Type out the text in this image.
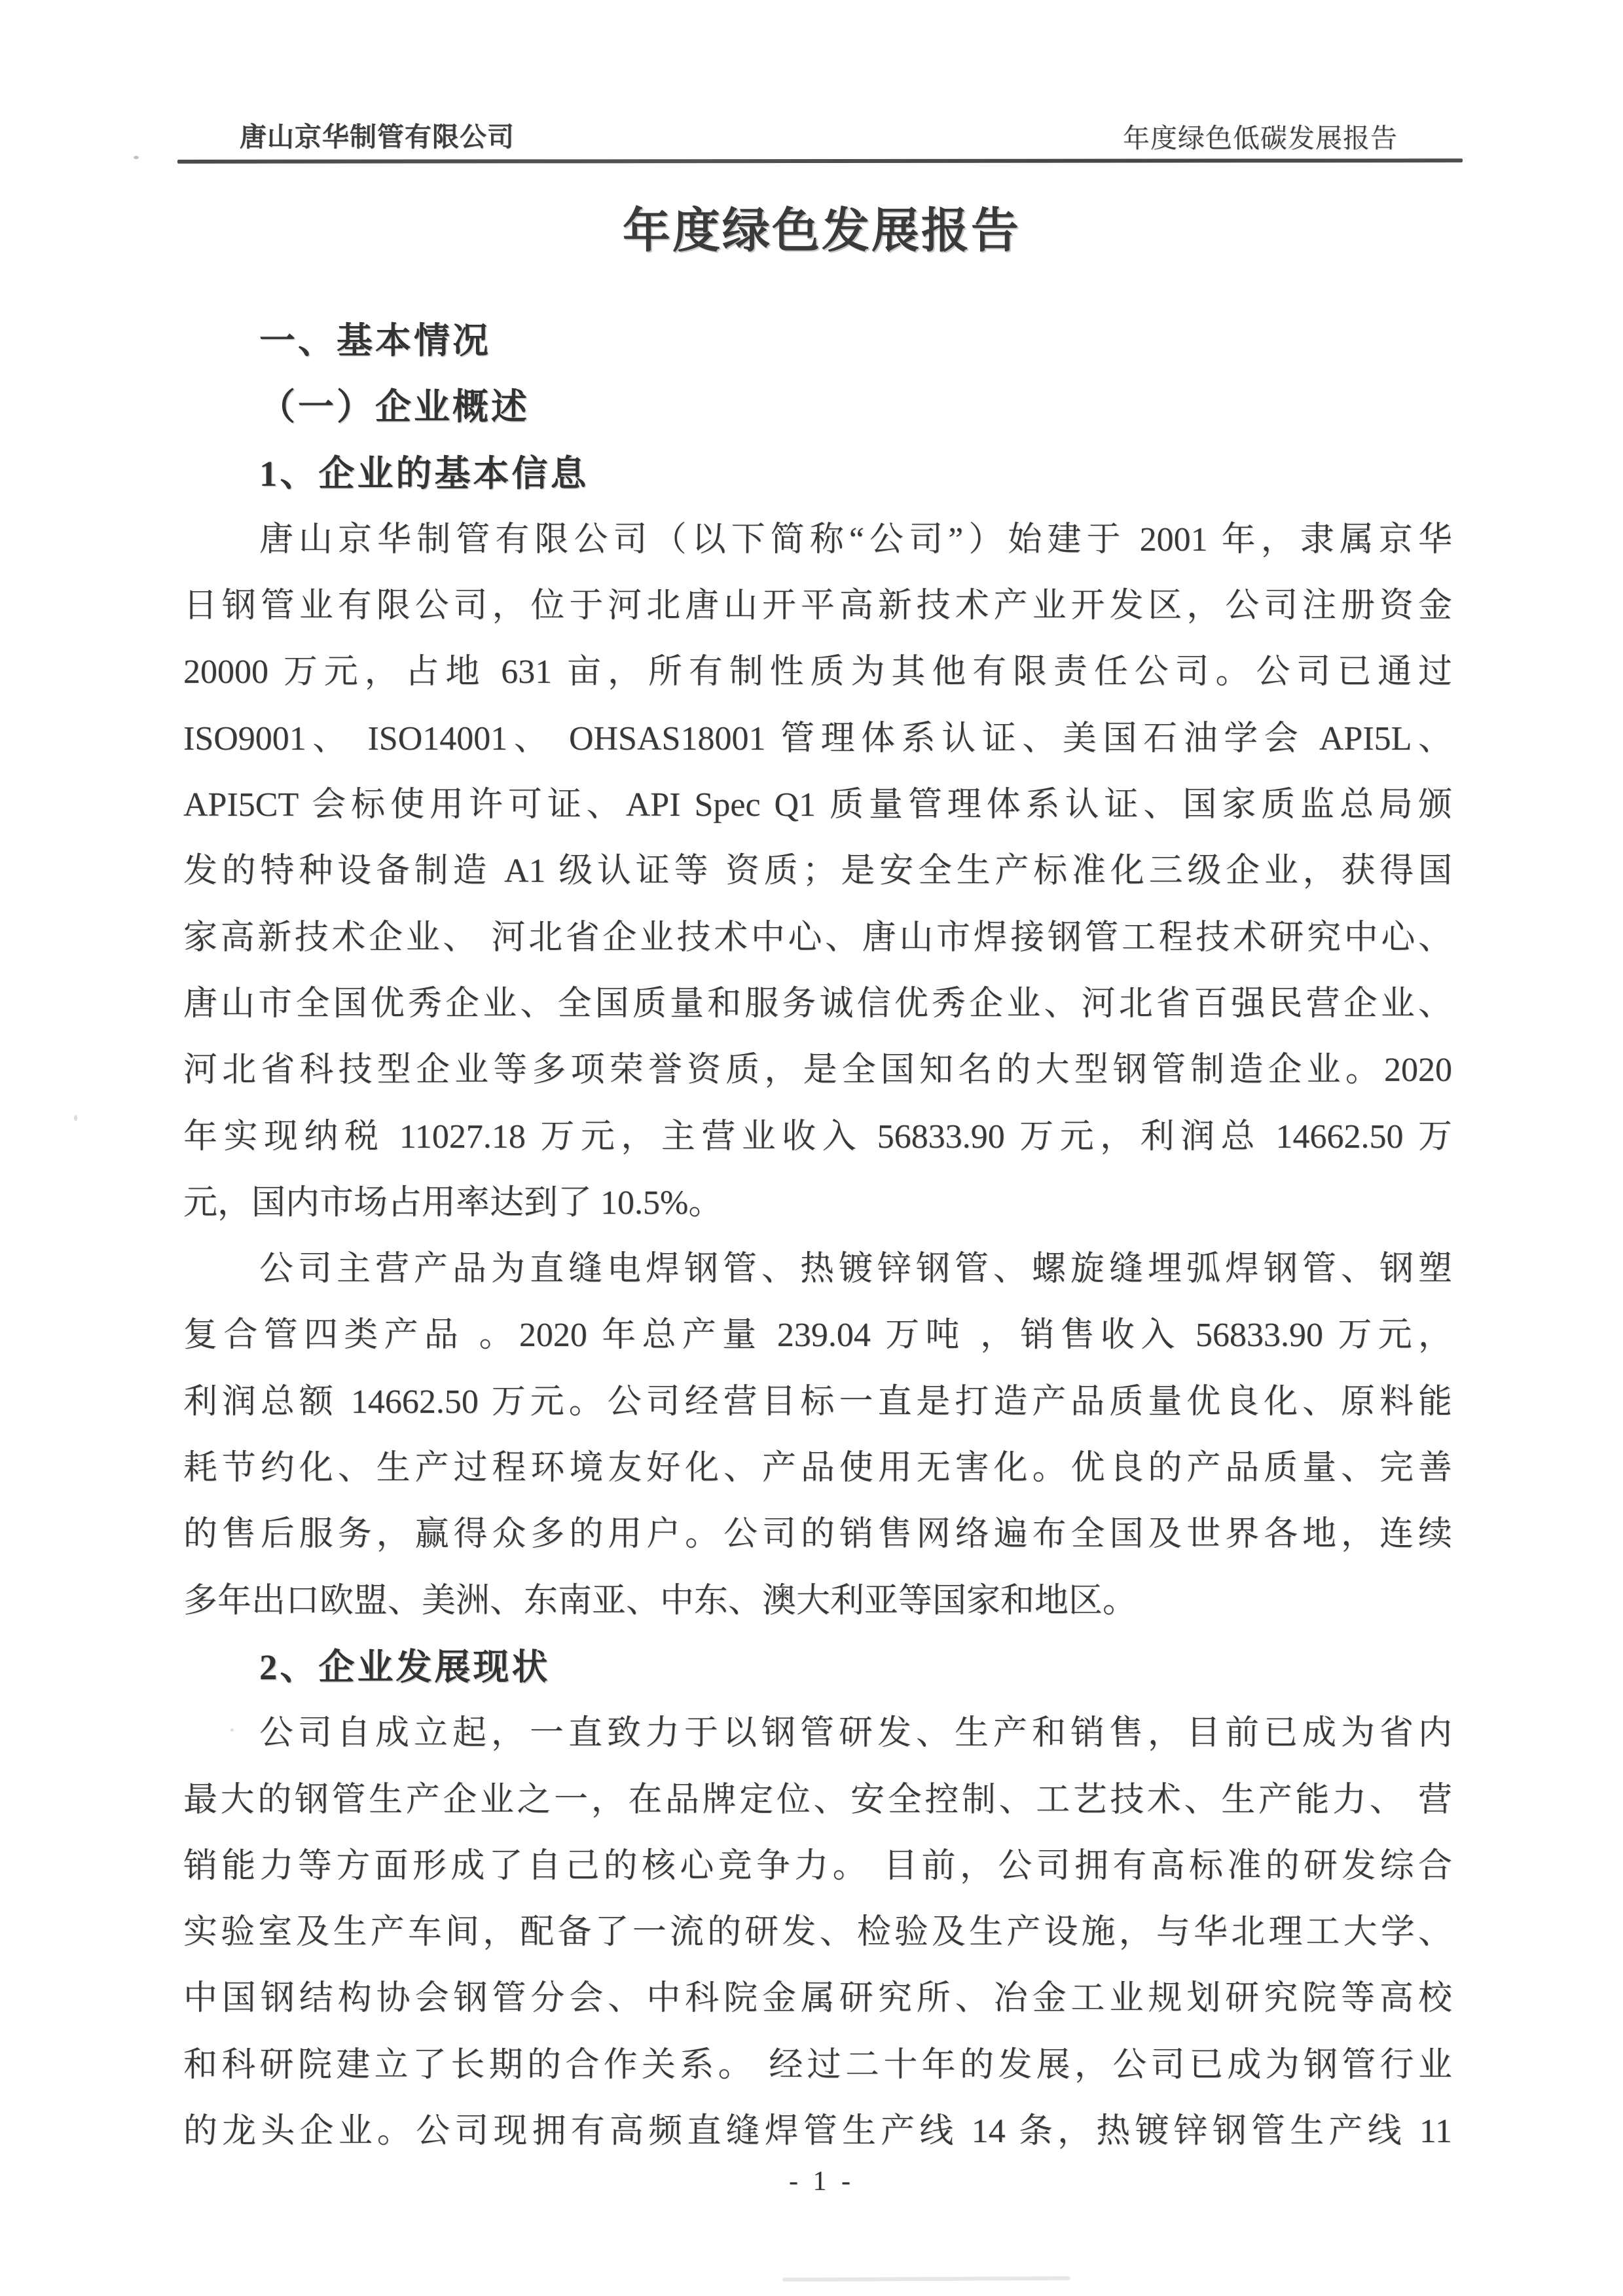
唐山京华制管有限公司	年度绿色低碳发展报告
年度绿色发展报告
一、基本情况
（一）企业概述
1、企业的基本信息
唐山京华制管有限公司（以下简称“公司”）始建于 2001 年，隶属京华
日钢管业有限公司，位于河北唐山开平高新技术产业开发区，公司注册资金
20000 万元，占地 631 亩，所有制性质为其他有限责任公司。公司已通过
ISO9001、 ISO14001、 OHSAS18001 管理体系认证、美国石油学会 API5L、
API5CT 会标使用许可证、API Spec Q1 质量管理体系认证、国家质监总局颁
发的特种设备制造 A1 级认证等 资质；是安全生产标准化三级企业，获得国
家高新技术企业、 河北省企业技术中心、唐山市焊接钢管工程技术研究中心、
唐山市全国优秀企业、全国质量和服务诚信优秀企业、河北省百强民营企业、
河北省科技型企业等多项荣誉资质，是全国知名的大型钢管制造企业。2020
年实现纳税 11027.18 万元，主营业收入 56833.90 万元，利润总 14662.50 万
元，国内市场占用率达到了 10.5%。
公司主营产品为直缝电焊钢管、热镀锌钢管、螺旋缝埋弧焊钢管、钢塑
复合管四类产品 。2020 年总产量 239.04 万吨 ，销售收入 56833.90 万元，
利润总额 14662.50 万元。公司经营目标一直是打造产品质量优良化、原料能
耗节约化、生产过程环境友好化、产品使用无害化。优良的产品质量、完善
的售后服务，赢得众多的用户。公司的销售网络遍布全国及世界各地，连续
多年出口欧盟、美洲、东南亚、中东、澳大利亚等国家和地区。
2、企业发展现状
公司自成立起，一直致力于以钢管研发、生产和销售，目前已成为省内
最大的钢管生产企业之一，在品牌定位、安全控制、工艺技术、生产能力、 营
销能力等方面形成了自己的核心竞争力。 目前，公司拥有高标准的研发综合
实验室及生产车间，配备了一流的研发、检验及生产设施，与华北理工大学、
中国钢结构协会钢管分会、中科院金属研究所、冶金工业规划研究院等高校
和科研院建立了长期的合作关系。 经过二十年的发展，公司已成为钢管行业
的龙头企业。公司现拥有高频直缝焊管生产线 14 条，热镀锌钢管生产线 11
- 1 -
